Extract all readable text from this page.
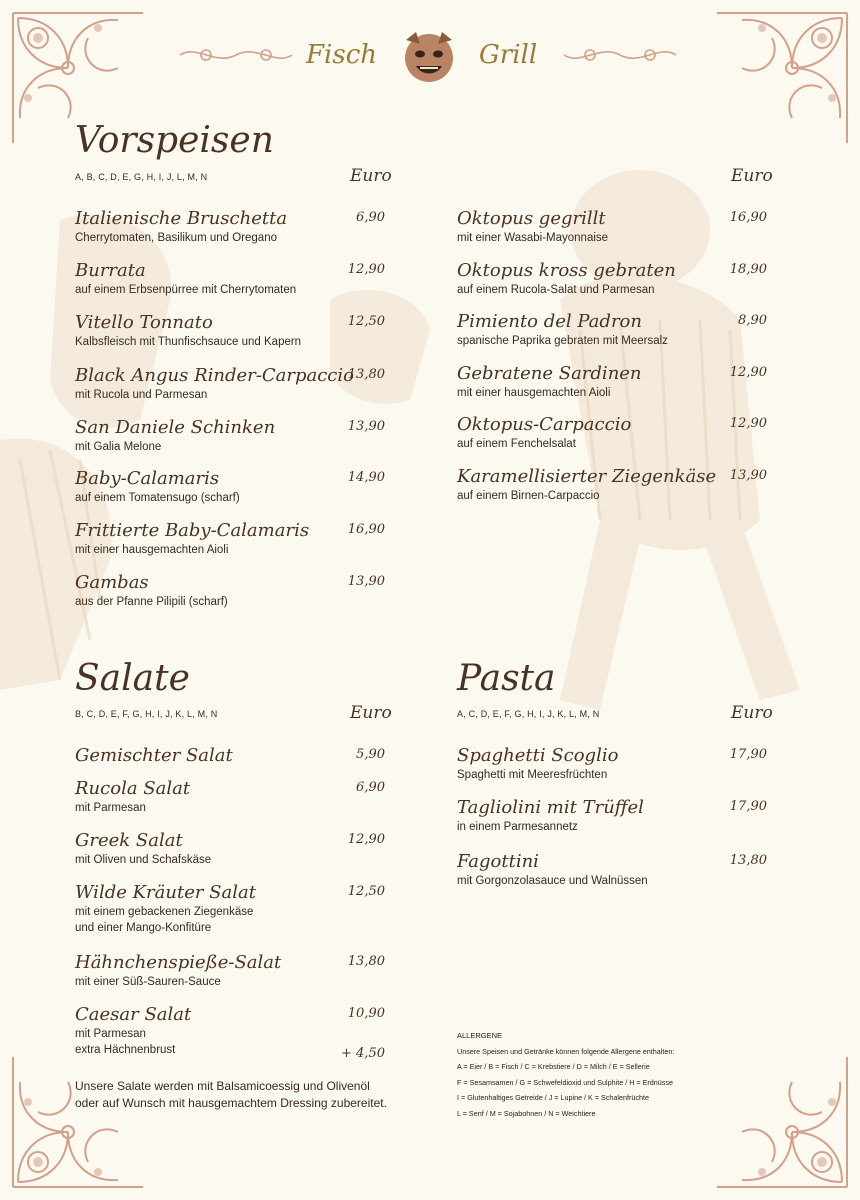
Fisch	Grill
Vorspeisen
A, B, C, D, E, G, H, I, J, L, M, N	Euro	Euro
Italienische Bruschetta
Cherrytomaten, Basilikum und Oregano
6,90
Burrata
auf einem Erbsenpürree mit Cherrytomaten
12,90
Vitello Tonnato
Kalbsfleisch mit Thunfischsauce und Kapern
12,50
Black Angus Rinder-Carpaccio
mit Rucola und Parmesan
13,80
San Daniele Schinken
mit Galia Melone
13,90
Baby-Calamaris
auf einem Tomatensugo (scharf)
14,90
Frittierte Baby-Calamaris
mit einer hausgemachten Aioli
16,90
Gambas
aus der Pfanne Pilipili (scharf)
13,90
Oktopus gegrillt
mit einer Wasabi-Mayonnaise
16,90
Oktopus kross gebraten
auf einem Rucola-Salat und Parmesan
18,90
Pimiento del Padron
spanische Paprika gebraten mit Meersalz
8,90
Gebratene Sardinen
mit einer hausgemachten Aioli
12,90
Oktopus-Carpaccio
auf einem Fenchelsalat
12,90
Karamellisierter Ziegenkäse
auf einem Birnen-Carpaccio
13,90
Salate
B, C, D, E, F, G, H, I, J, K, L, M, N	Euro
Gemischter Salat	5,90
Rucola Salat
mit Parmesan
6,90
Greek Salat
mit Oliven und Schafskäse
12,90
Wilde Kräuter Salat
mit einem gebackenen Ziegenkäse
und einer Mango-Konfitüre
12,50
Hähnchenspieße-Salat
mit einer Süß-Sauren-Sauce
13,80
Caesar Salat
mit Parmesan
extra Hächnenbrust
10,90
+ 4,50
Unsere Salate werden mit Balsamicoessig und Olivenöl
oder auf Wunsch mit hausgemachtem Dressing zubereitet.
Pasta
A, C, D, E, F, G, H, I, J, K, L, M, N	Euro
Spaghetti Scoglio
Spaghetti mit Meeresfrüchten
17,90
Tagliolini mit Trüffel
in einem Parmesannetz
17,90
Fagottini
mit Gorgonzolasauce und Walnüssen
13,80
ALLERGENE
Unsere Speisen und Getränke können folgende Allergene enthalten:
A = Eier / B = Fisch / C = Krebstiere / D = Milch / E = Sellerie
F = Sesamsamen / G = Schwefeldioxid und Sulphite / H = Erdnüsse
I = Glutenhaltiges Getreide / J = Lupine / K = Schalenfrüchte
L = Senf / M = Sojabohnen / N = Weichtiere
